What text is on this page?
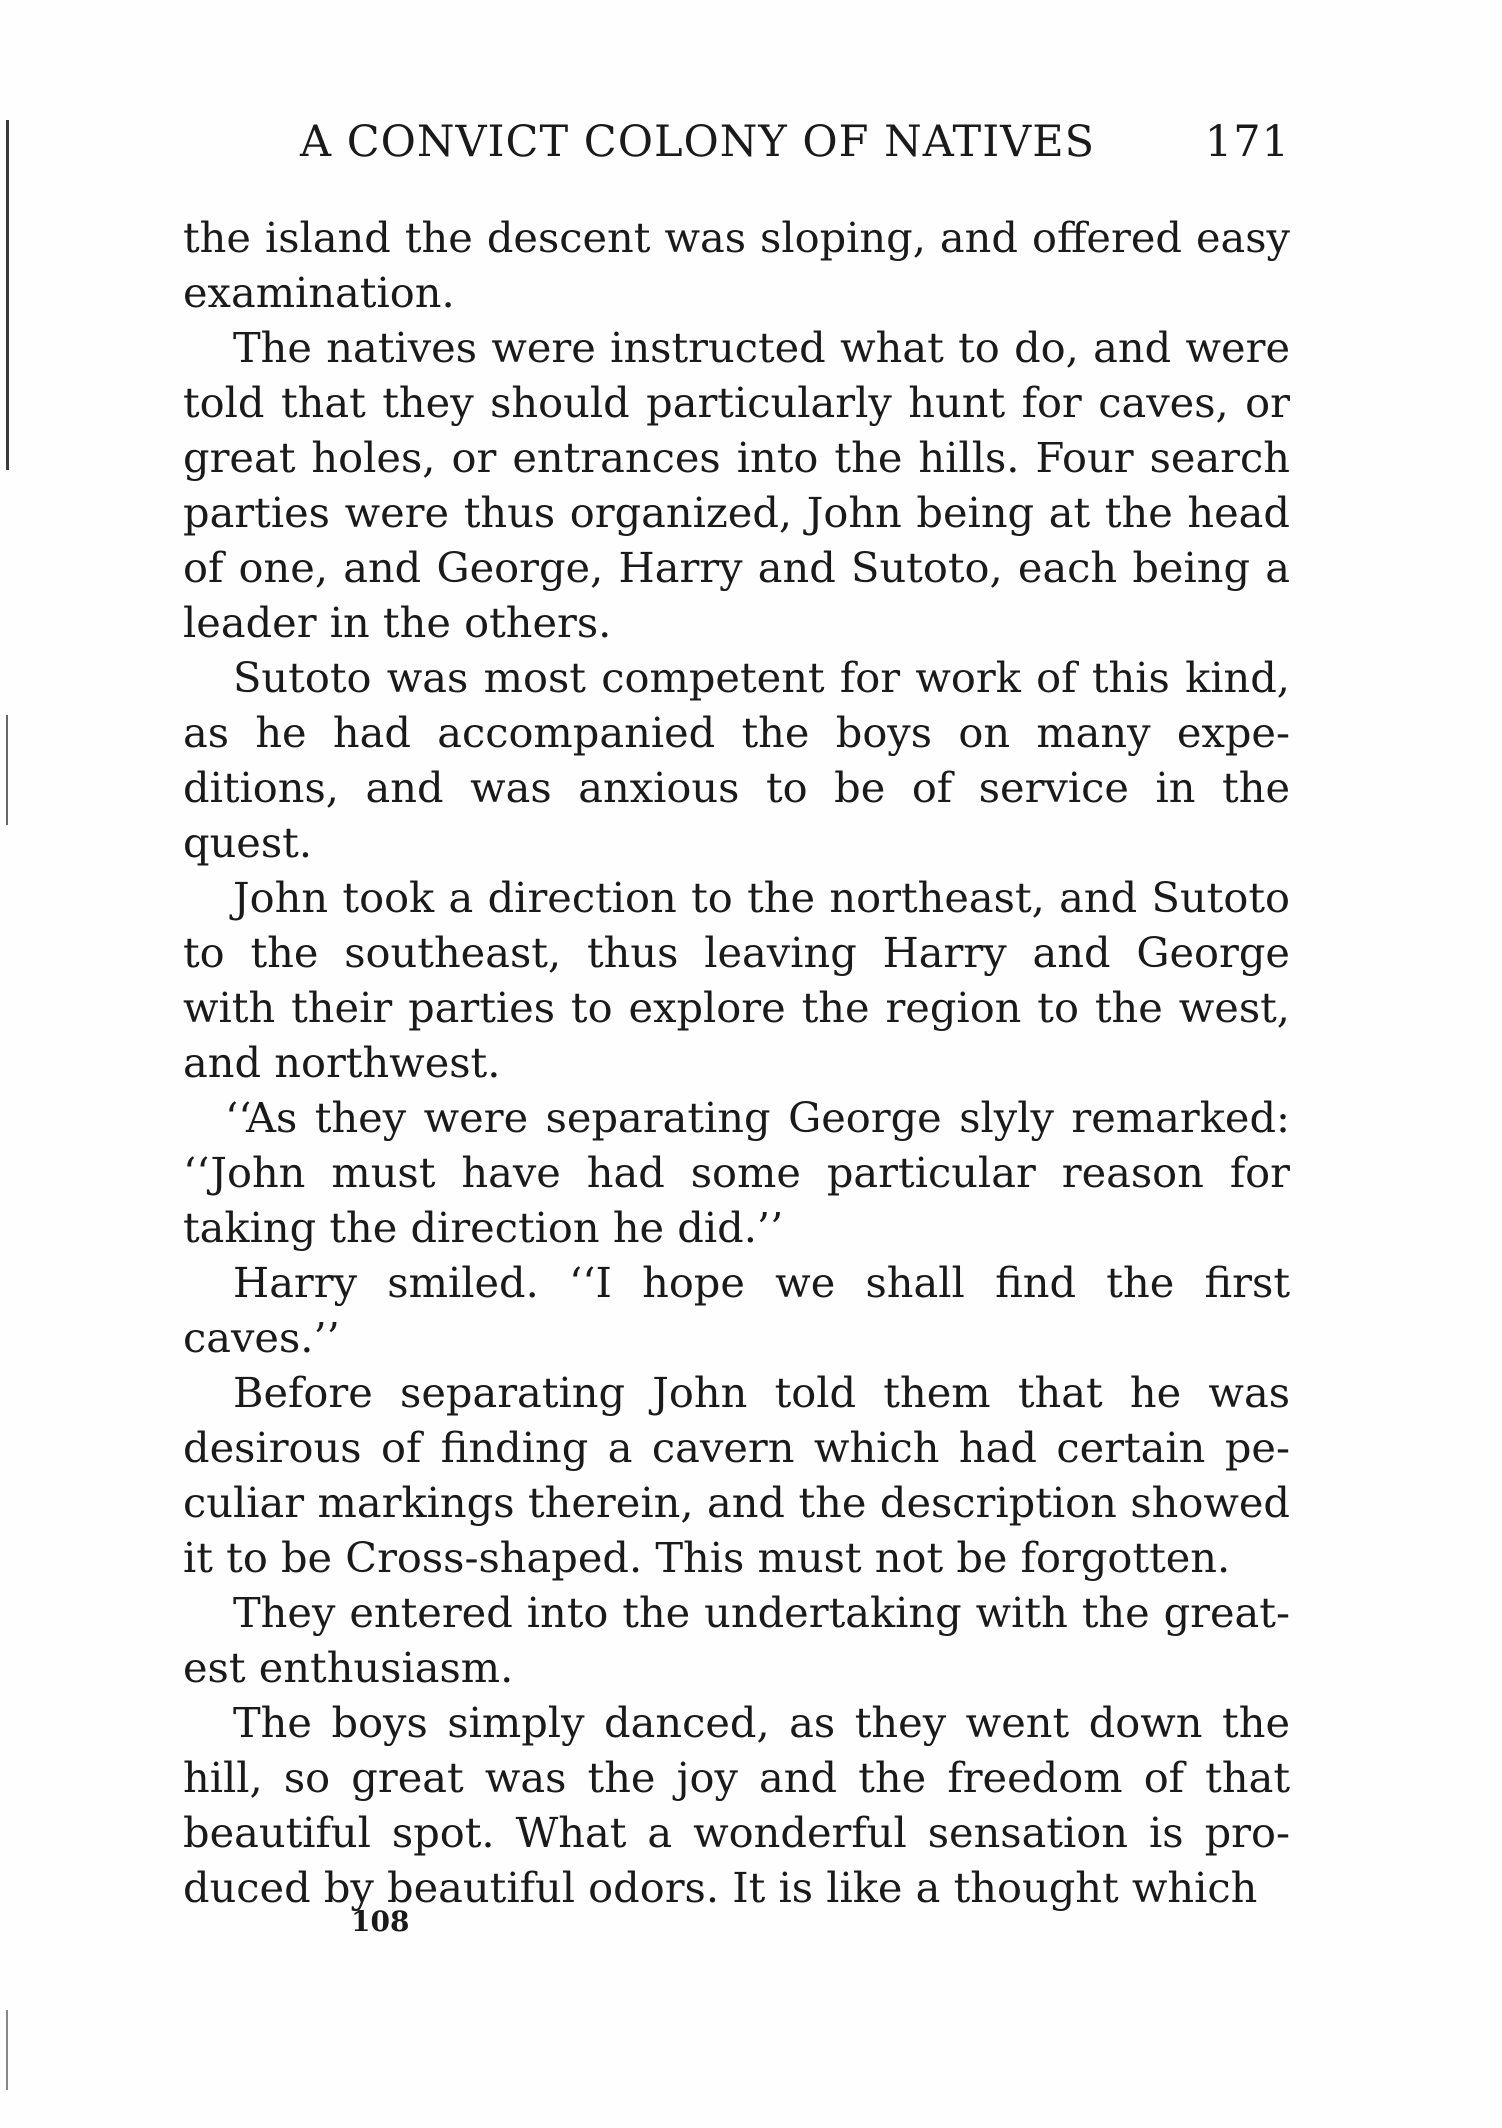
A CONVICT COLONY OF NATIVES	171

the island the descent was sloping, and offered easy examination.

The natives were instructed what to do, and were told that they should particularly hunt for caves, or great holes, or entrances into the hills. Four search parties were thus organized, John being at the head of one, and George, Harry and Sutoto, each being a leader in the others.

Sutoto was most competent for work of this kind, as he had accompanied the boys on many expeditions, and was anxious to be of service in the quest.

John took a direction to the northeast, and Sutoto to the southeast, thus leaving Harry and George with their parties to explore the region to the west, and northwest.

‘‘As they were separating George slyly remarked: ‘‘John must have had some particular reason for taking the direction he did.’’

Harry smiled. ‘‘I hope we shall find the first caves.’’

Before separating John told them that he was desirous of finding a cavern which had certain peculiar markings therein, and the description showed it to be Cross-shaped. This must not be forgotten.

They entered into the undertaking with the greatest enthusiasm.

The boys simply danced, as they went down the hill, so great was the joy and the freedom of that beautiful spot. What a wonderful sensation is produced by beautiful odors. It is like a thought which

108
